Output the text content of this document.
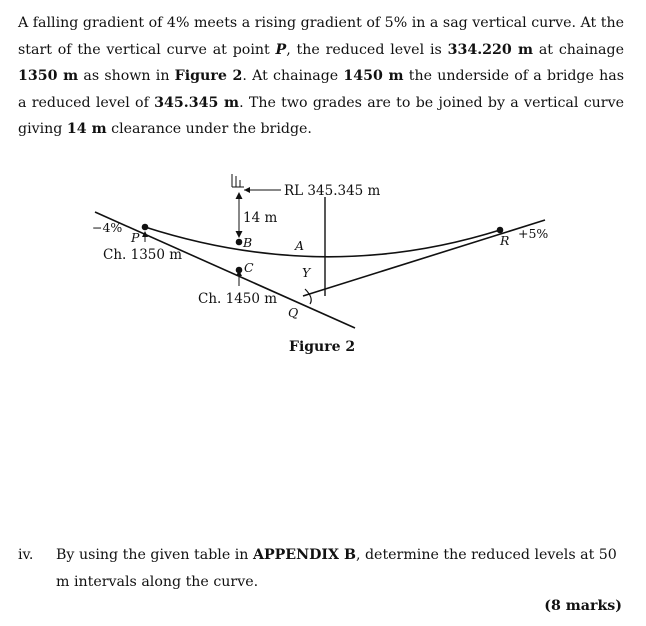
A falling gradient of 4% meets a rising gradient of 5% in a sag vertical curve. At the start of the vertical curve at point P, the reduced level is 334.220 m at chainage 1350 m as shown in Figure 2. At chainage 1450 m the underside of a bridge has a reduced level of 345.345 m. The two grades are to be joined by a vertical curve giving 14 m clearance under the bridge.

−4%
P
Ch. 1350 m
RL 345.345 m
14 m
B	A
C	Y
Ch. 1450 m
Q
R +5%
Figure 2
iv. By using the given table in APPENDIX B, determine the reduced levels at 50 m intervals along the curve.
(8 marks)
